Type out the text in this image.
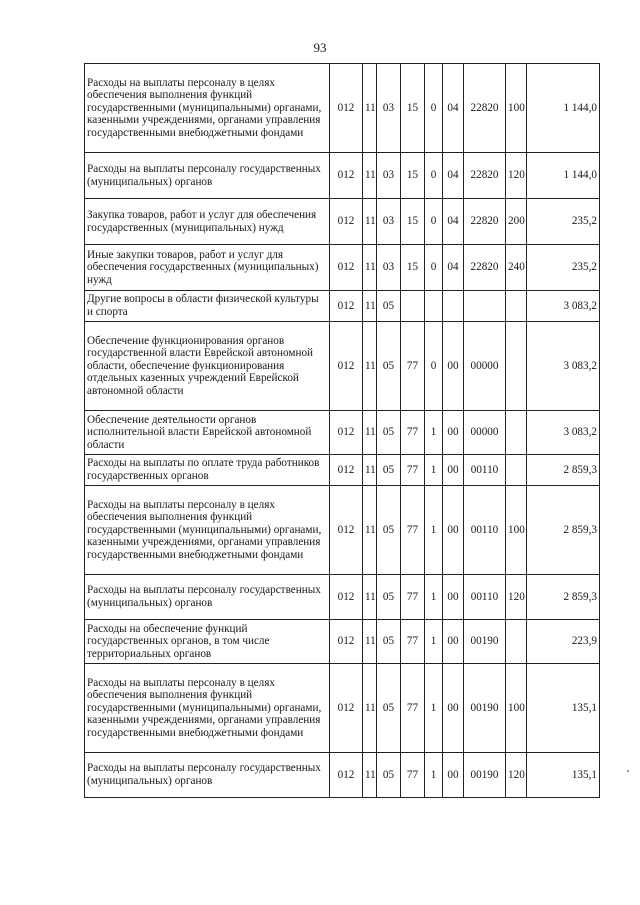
93
Расходы на выплаты персоналу в целях обеспечения выполнения функций государственными (муниципальными) органами, казенными учреждениями, органами управления государственными внебюджетными фондами	012	11	03	15	0	04	22820	100	1 144,0
Расходы на выплаты персоналу государственных (муниципальных) органов	012	11	03	15	0	04	22820	120	1 144,0
Закупка товаров, работ и услуг для обеспечения государственных (муниципальных) нужд	012	11	03	15	0	04	22820	200	235,2
Иные закупки товаров, работ и услуг для обеспечения государственных (муниципальных) нужд	012	11	03	15	0	04	22820	240	235,2
Другие вопросы в области физической культуры и спорта	012	11	05						3 083,2
Обеспечение функционирования органов государственной власти Еврейской автономной области, обеспечение функционирования отдельных казенных учреждений Еврейской автономной области	012	11	05	77	0	00	00000		3 083,2
Обеспечение деятельности органов исполнительной власти Еврейской автономной области	012	11	05	77	1	00	00000		3 083,2
Расходы на выплаты по оплате труда работников государственных органов	012	11	05	77	1	00	00110		2 859,3
Расходы на выплаты персоналу в целях обеспечения выполнения функций государственными (муниципальными) органами, казенными учреждениями, органами управления государственными внебюджетными фондами	012	11	05	77	1	00	00110	100	2 859,3
Расходы на выплаты персоналу государственных (муниципальных) органов	012	11	05	77	1	00	00110	120	2 859,3
Расходы на обеспечение функций государственных органов, в том числе территориальных органов	012	11	05	77	1	00	00190		223,9
Расходы на выплаты персоналу в целях обеспечения выполнения функций государственными (муниципальными) органами, казенными учреждениями, органами управления государственными внебюджетными фондами	012	11	05	77	1	00	00190	100	135,1
Расходы на выплаты персоналу государственных (муниципальных) органов	012	11	05	77	1	00	00190	120	135,1
